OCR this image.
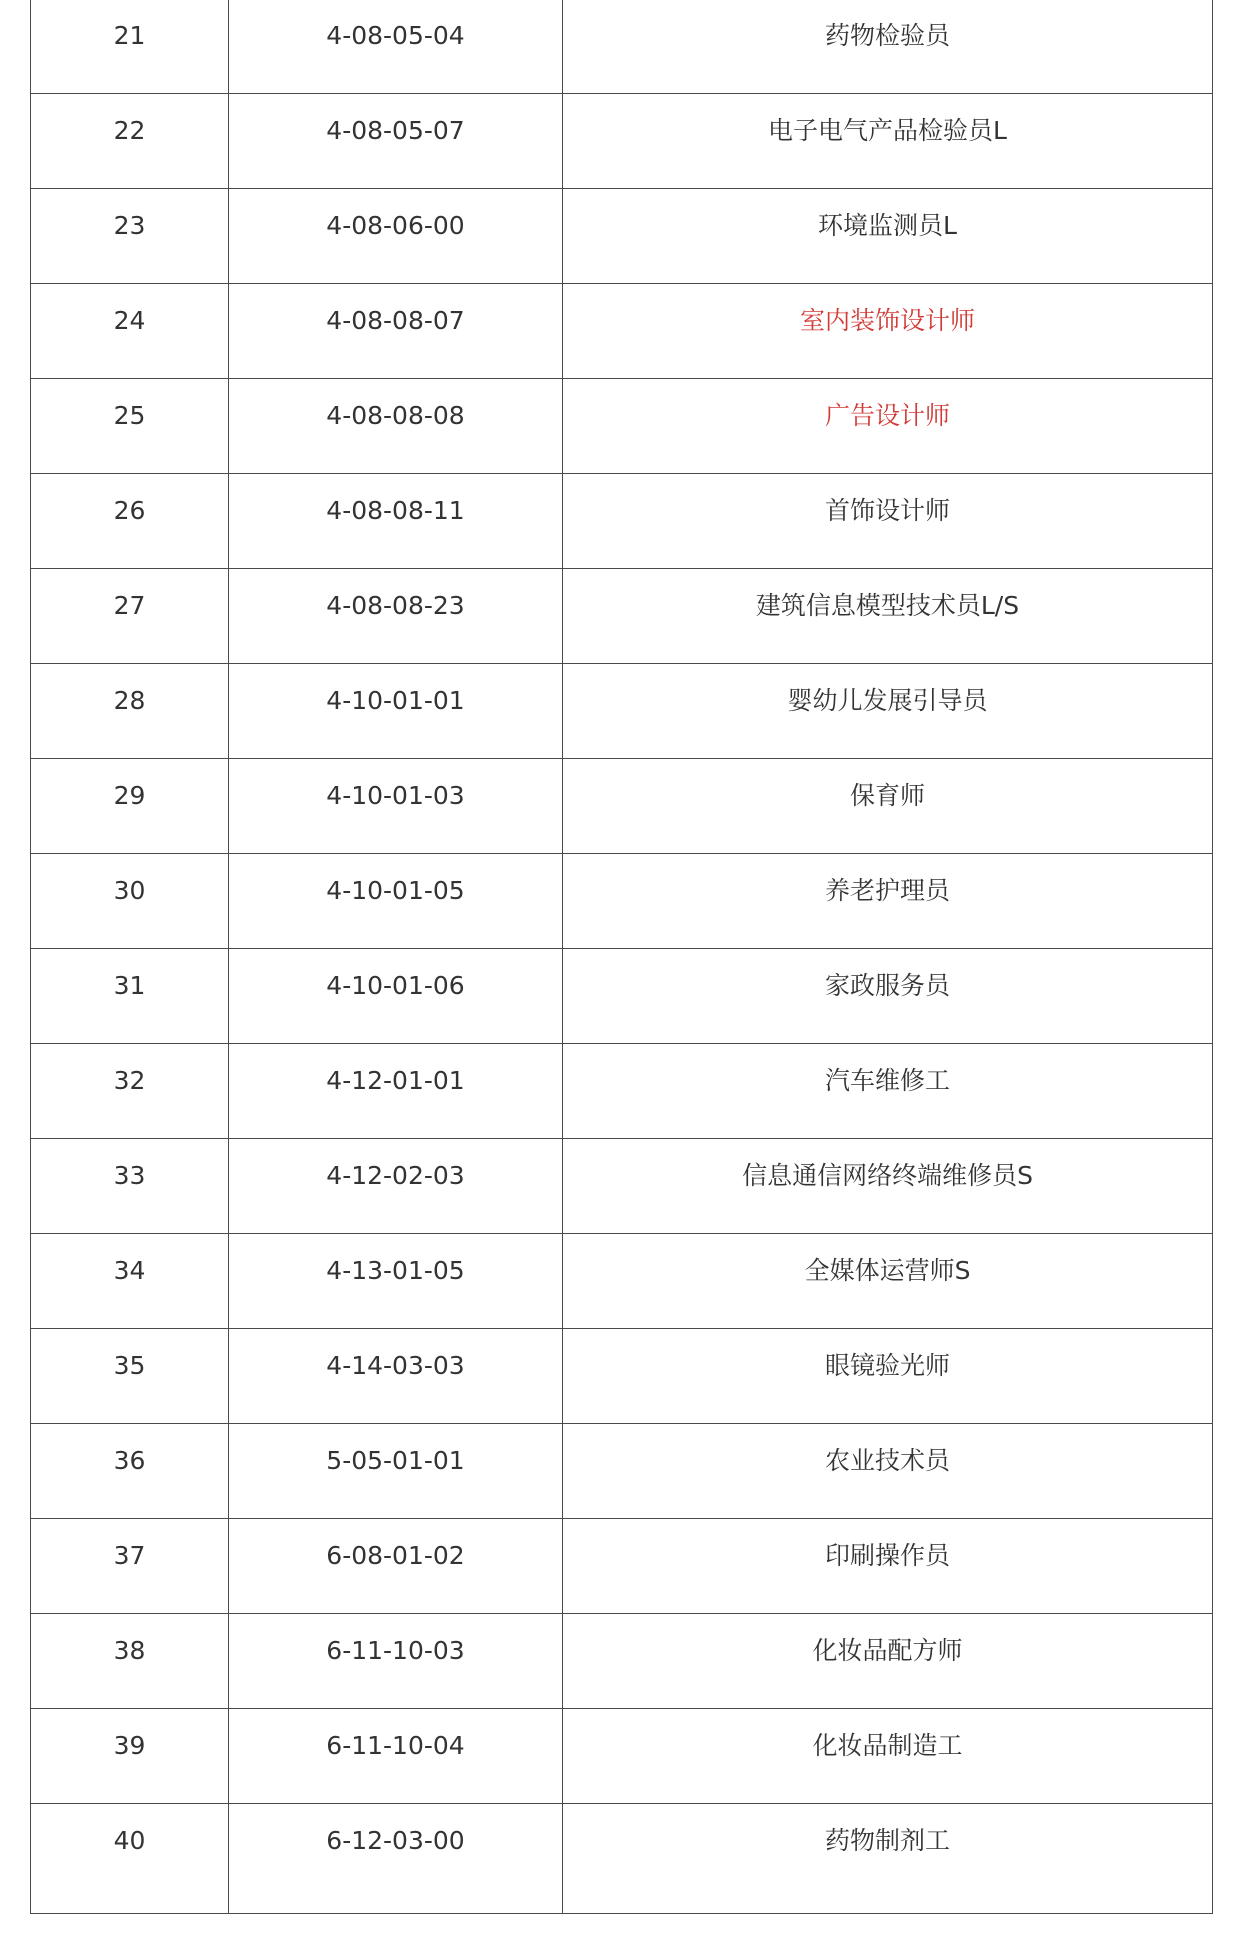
21	4-08-05-04	药物检验员
22	4-08-05-07	电子电气产品检验员L
23	4-08-06-00	环境监测员L
24	4-08-08-07	室内装饰设计师
25	4-08-08-08	广告设计师
26	4-08-08-11	首饰设计师
27	4-08-08-23	建筑信息模型技术员L/S
28	4-10-01-01	婴幼儿发展引导员
29	4-10-01-03	保育师
30	4-10-01-05	养老护理员
31	4-10-01-06	家政服务员
32	4-12-01-01	汽车维修工
33	4-12-02-03	信息通信网络终端维修员S
34	4-13-01-05	全媒体运营师S
35	4-14-03-03	眼镜验光师
36	5-05-01-01	农业技术员
37	6-08-01-02	印刷操作员
38	6-11-10-03	化妆品配方师
39	6-11-10-04	化妆品制造工
40	6-12-03-00	药物制剂工
